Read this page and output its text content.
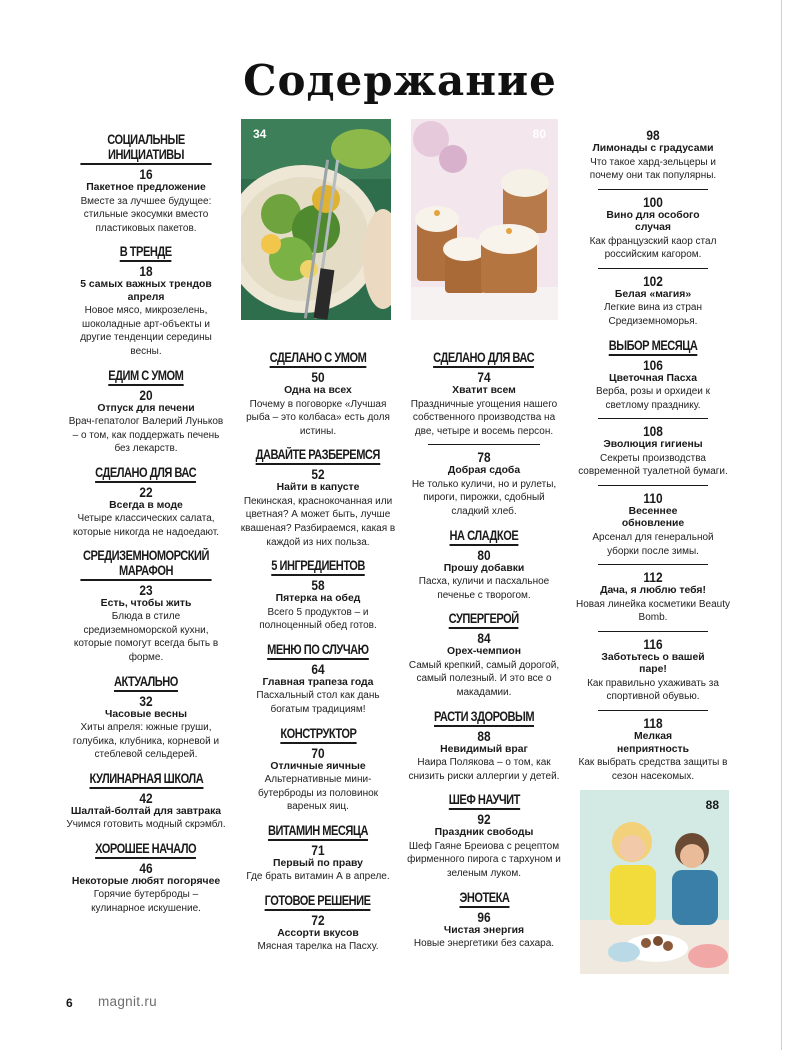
Содержание
34	80
88
СОЦИАЛЬНЫЕ ИНИЦИАТИВЫ
16
Пакетное предложение
Вместе за лучшее будущее: стильные экосумки вместо пластиковых пакетов.
В ТРЕНДЕ
18
5 самых важных трендов апреля
Новое мясо, микрозелень, шоколадные арт-объекты и другие тенденции середины весны.
ЕДИМ С УМОМ
20
Отпуск для печени
Врач-гепатолог Валерий Луньков – о том, как поддержать печень без лекарств.
СДЕЛАНО ДЛЯ ВАС
22
Всегда в моде
Четыре классических салата, которые никогда не надоедают.
СРЕДИЗЕМНОМОРСКИЙ МАРАФОН
23
Есть, чтобы жить
Блюда в стиле средиземноморской кухни, которые помогут всегда быть в форме.
АКТУАЛЬНО
32
Часовые весны
Хиты апреля: южные груши, голубика, клубника, корневой и стеблевой сельдерей.
КУЛИНАРНАЯ ШКОЛА
42
Шалтай-болтай для завтрака
Учимся готовить модный скрэмбл.
ХОРОШЕЕ НАЧАЛО
46
Некоторые любят погорячее
Горячие бутерброды – кулинарное искушение.
СДЕЛАНО С УМОМ
50
Одна на всех
Почему в поговорке «Лучшая рыба – это колбаса» есть доля истины.
ДАВАЙТЕ РАЗБЕРЕМСЯ
52
Найти в капусте
Пекинская, краснокочанная или цветная? А может быть, лучше квашеная? Разбираемся, какая в каждой из них польза.
5 ИНГРЕДИЕНТОВ
58
Пятерка на обед
Всего 5 продуктов – и полноценный обед готов.
МЕНЮ ПО СЛУЧАЮ
64
Главная трапеза года
Пасхальный стол как дань богатым традициям!
КОНСТРУКТОР
70
Отличные яичные
Альтернативные мини-бутерброды из половинок вареных яиц.
ВИТАМИН МЕСЯЦА
71
Первый по праву
Где брать витамин А в апреле.
ГОТОВОЕ РЕШЕНИЕ
72
Ассорти вкусов
Мясная тарелка на Пасху.
СДЕЛАНО ДЛЯ ВАС
74
Хватит всем
Праздничные угощения нашего собственного производства на две, четыре и восемь персон.
78
Добрая сдоба
Не только куличи, но и рулеты, пироги, пирожки, сдобный сладкий хлеб.
НА СЛАДКОЕ
80
Прошу добавки
Пасха, куличи и пасхальное печенье с творогом.
СУПЕРГЕРОЙ
84
Орех-чемпион
Самый крепкий, самый дорогой, самый полезный. И это все о макадамии.
РАСТИ ЗДОРОВЫМ
88
Невидимый враг
Наира Полякова – о том, как снизить риски аллергии у детей.
ШЕФ НАУЧИТ
92
Праздник свободы
Шеф Гаяне Бреиова с рецептом фирменного пирога с тархуном и зеленым луком.
ЭНОТЕКА
96
Чистая энергия
Новые энергетики без сахара.
98
Лимонады с градусами
Что такое хард-зельцеры и почему они так популярны.
100
Вино для особого случая
Как французский каор стал российским кагором.
102
Белая «магия»
Легкие вина из стран Средиземноморья.
ВЫБОР МЕСЯЦА
106
Цветочная Пасха
Верба, розы и орхидеи к светлому празднику.
108
Эволюция гигиены
Секреты производства современной туалетной бумаги.
110
Весеннее обновление
Арсенал для генеральной уборки после зимы.
112
Дача, я люблю тебя!
Новая линейка косметики Beauty Bomb.
116
Заботьтесь о вашей паре!
Как правильно ухаживать за спортивной обувью.
118
Мелкая неприятность
Как выбрать средства защиты в сезон насекомых.
6 magnit.ru
